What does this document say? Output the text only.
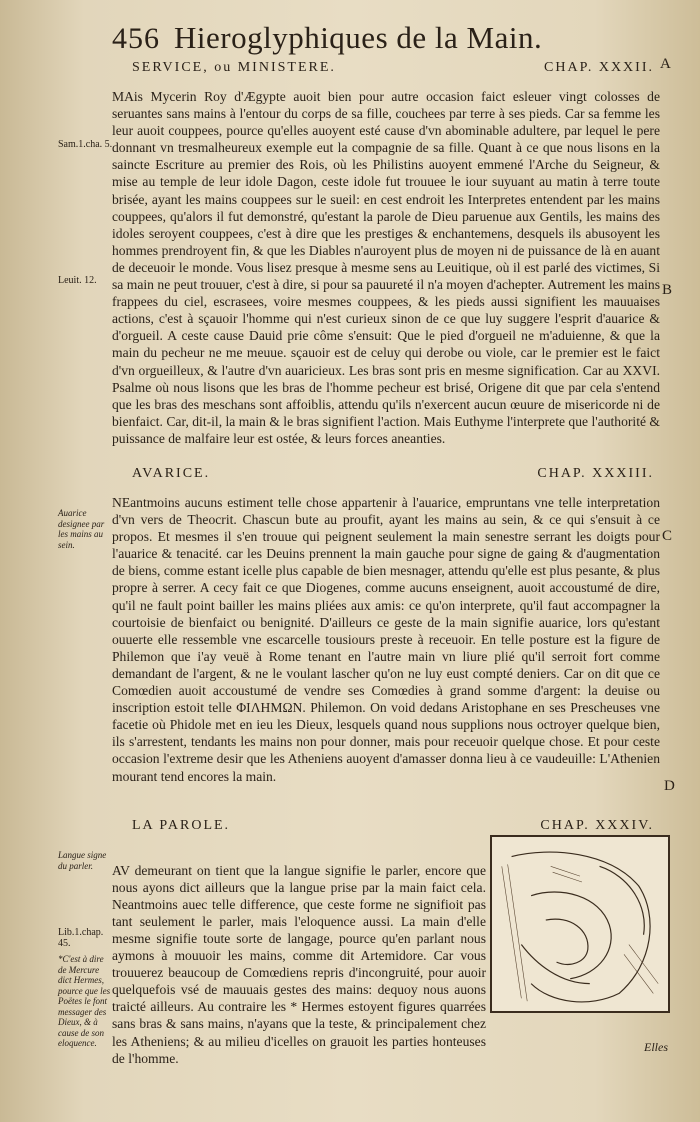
456 Hieroglyphiques de la Main.
SERVICE, ou MINISTERE.	CHAP. XXXII. A

MAis Mycerin Roy d'Ægypte auoit bien pour autre occasion faict esleuer vingt colosses de seruantes sans mains à l'entour du corps de sa fille, couchees par terre à ses pieds. Car sa femme les leur auoit couppees, pource qu'elles auoyent esté cause d'vn abominable adultere, par lequel le pere donnant vn tresmalheureux exemple eut la compagnie de sa fille. Quant à ce que nous lisons en la saincte Escriture au premier des Rois, où les Philistins auoyent emmené l'Arche du Seigneur, & mise au temple de leur idole Dagon, ceste idole fut trouuee le iour suyuant au matin à terre toute brisée, ayant les mains couppees sur le sueil: en cest endroit les Interpretes entendent par les mains couppees, qu'alors il fut demonstré, qu'estant la parole de Dieu paruenue aux Gentils, les mains des idoles seroyent couppees, c'est à dire que les prestiges & enchantemens, desquels ils abusoyent les hommes prendroyent fin, & que les Diables n'auroyent plus de moyen ni de puissance de là en auant de deceuoir le monde. Vous lisez presque à mesme sens au Leuitique, où il est parlé des victimes, Si sa main ne peut trouuer, c'est à dire, si pour sa pauureté il n'a moyen d'achepter. Autrement les mains frappees du ciel, escrasees, voire mesmes couppees, & les pieds aussi signifient les mauuaises actions, c'est à sçauoir l'homme qui n'est curieux sinon de ce que luy suggere l'esprit d'auarice & d'orgueil. A ceste cause Dauid prie côme s'ensuit: Que le pied d'orgueil ne m'aduienne, & que la main du pecheur ne me meuue. sçauoir est de celuy qui derobe ou viole, car le premier est le faict d'vn orgueilleux, & l'autre d'vn auaricieux. Les bras sont pris en mesme signification. Car au XXVI. Psalme où nous lisons que les bras de l'homme pecheur est brisé, Origene dit que par cela s'entend que les bras des meschans sont affoiblis, attendu qu'ils n'exercent aucun œuure de misericorde ni de bienfaict. Car, dit-il, la main & le bras signifient l'action. Mais Euthyme l'interprete que l'authorité & puissance de malfaire leur est ostée, & leurs forces aneanties.

B
Sam.1.cha. 5.
Leuit. 12.
AVARICE.	CHAP. XXXIII.
Auarice designee par les mains au sein.
C

NEantmoins aucuns estiment telle chose appartenir à l'auarice, empruntans vne telle interpretation d'vn vers de Theocrit. Chascun bute au proufit, ayant les mains au sein, & ce qui s'ensuit à ce propos. Et mesmes il s'en trouue qui peignent seulement la main senestre serrant les doigts pour l'auarice & tenacité. car les Deuins prennent la main gauche pour signe de gaing & d'augmentation de biens, comme estant icelle plus capable de bien mesnager, attendu qu'elle est plus pesante, & plus propre à serrer. A cecy fait ce que Diogenes, comme aucuns enseignent, auoit accoustumé de dire, qu'il ne fault point bailler les mains pliées aux amis: ce qu'on interprete, qu'il faut accompagner la courtoisie de bienfaict ou benignité. D'ailleurs ce geste de la main signifie auarice, lors qu'estant ouuerte elle ressemble vne escarcelle tousiours preste à receuoir. En telle posture est la figure de Philemon que i'ay veuë à Rome tenant en l'autre main vn liure plié qu'il serroit fort comme demandant de l'argent, & ne le voulant lascher qu'on ne luy eust compté deniers. Car on dit que ce Comœdien auoit accoustumé de vendre ses Comœdies à grand somme d'argent: la deuise ou inscription estoit telle ΦΙΛΗΜΩΝ. Philemon. On void dedans Aristophane en ses Prescheuses vne facetie où Phidole met en ieu les Dieux, lesquels quand nous supplions nous octroyer quelque bien, ils s'arrestent, tendants les mains non pour donner, mais pour receuoir quelque chose. Et pour ceste occasion l'extreme desir que les Atheniens auoyent d'amasser donna lieu à ce vaudeuille: L'Athenien mourant tend encores la main.

D
LA PAROLE.	CHAP. XXXIV.
Langue signe du parler.
Lib.1.chap. 45.
*C'est à dire de Mercure dict Hermes, pource que les Poëtes le font messager des Dieux, & à cause de son eloquence.

AV demeurant on tient que la langue signifie le parler, encore que nous ayons dict ailleurs que la langue prise par la main faict cela. Neantmoins auec telle difference, que ceste forme ne signifioit pas tant seulement le parler, mais l'eloquence aussi. La main d'elle mesme signifie toute sorte de langage, pource qu'en parlant nous aymons à mouuoir les mains, comme dit Artemidore. Car vous trouuerez beaucoup de Comœdiens repris d'incongruité, pour auoir quelquefois vsé de mauuais gestes des mains: dequoy nous auons traicté ailleurs. Au contraire les * Hermes estoyent figures quarrées sans bras & sans mains, n'ayans que la teste, & principalement chez les Atheniens; & au milieu d'icelles on grauoit les parties honteuses de l'homme.

Elles
